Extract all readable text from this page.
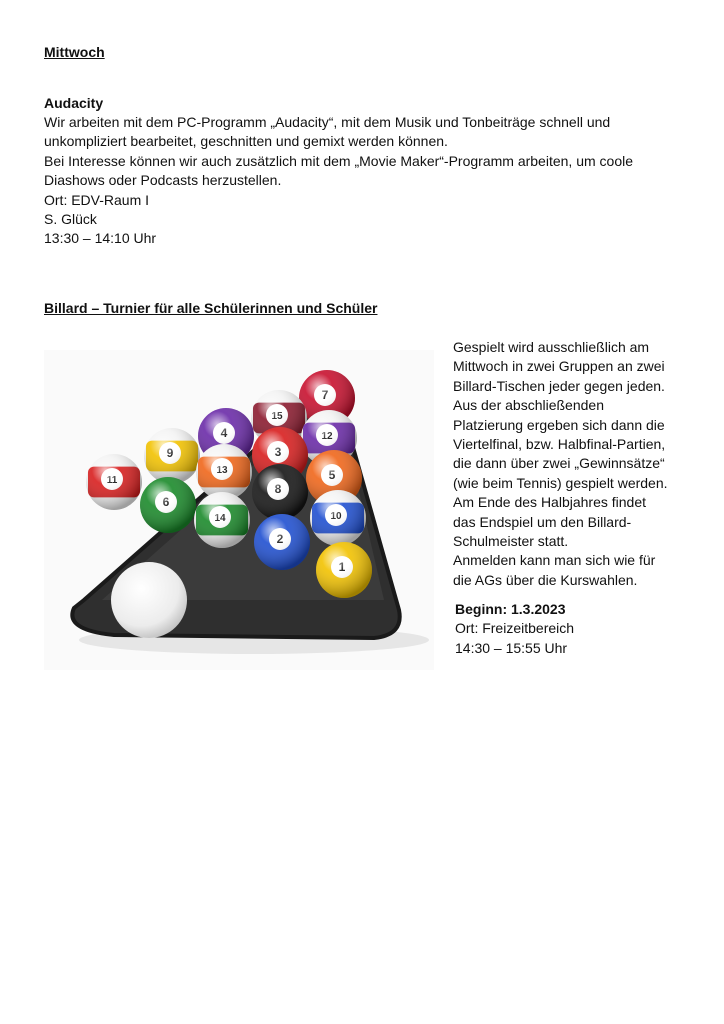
Mittwoch
Audacity
Wir arbeiten mit dem PC-Programm „Audacity“, mit dem Musik und Tonbeiträge schnell und
unkompliziert bearbeitet, geschnitten und gemixt werden können.
Bei Interesse können wir auch zusätzlich mit dem „Movie Maker“-Programm arbeiten, um coole
Diashows oder Podcasts herzustellen.
Ort: EDV-Raum I
S. Glück
13:30 – 14:10 Uhr
Billard – Turnier für alle Schülerinnen und Schüler
Gespielt wird ausschließlich am
Mittwoch in zwei Gruppen an zwei
Billard-Tischen jeder gegen jeden.
Aus der abschließenden
Platzierung ergeben sich dann die
Viertelfinal, bzw. Halbfinal-Partien,
die dann über zwei „Gewinnsätze“
(wie beim Tennis) gespielt werden.
Am Ende des Halbjahres findet
das Endspiel um den Billard-
Schulmeister statt.
Anmelden kann man sich wie für
die AGs über die Kurswahlen.
Beginn: 1.3.2023
Ort: Freizeitbereich
14:30 – 15:55 Uhr
